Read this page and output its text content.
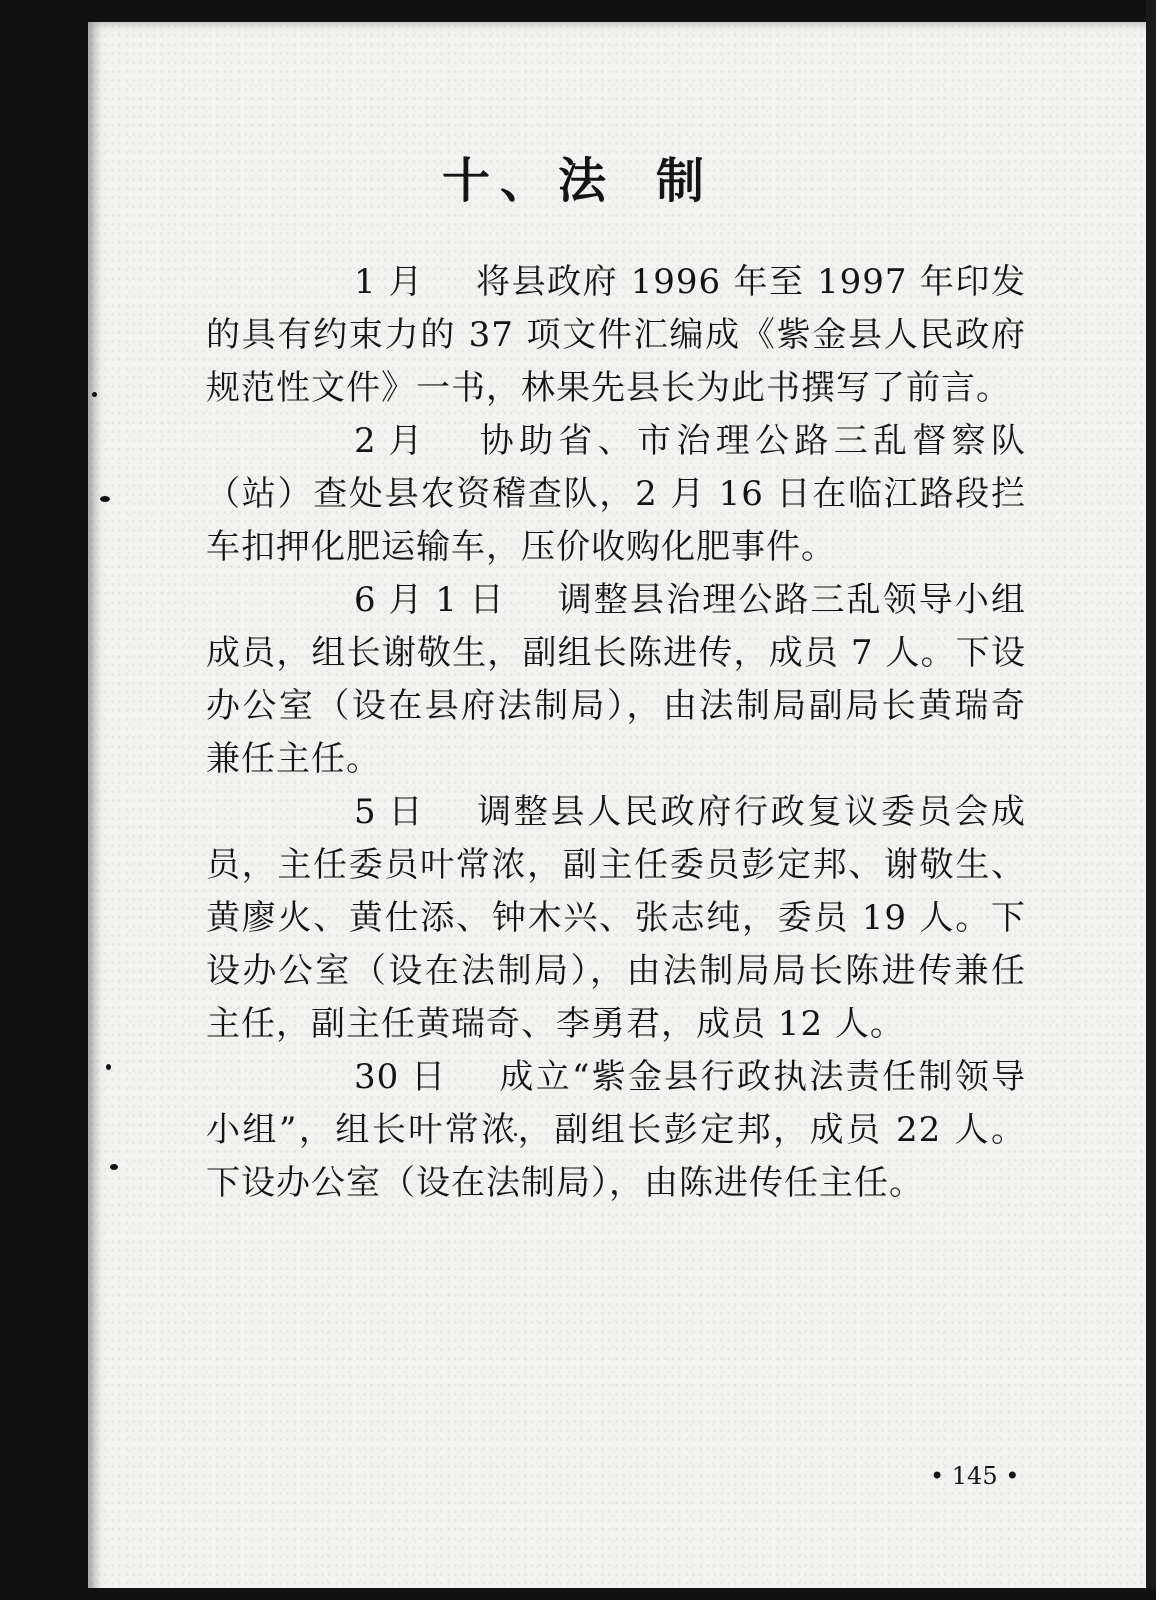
十、法 制

1 月 将县政府 1996 年至 1997 年印发的具有约束力的 37 项文件汇编成《紫金县人民政府规范性文件》一书，林果先县长为此书撰写了前言。

2 月 协助省、市治理公路三乱督察队（站）查处县农资稽查队，2 月 16 日在临江路段拦车扣押化肥运输车，压价收购化肥事件。

6 月 1 日 调整县治理公路三乱领导小组成员，组长谢敬生，副组长陈进传，成员 7 人。下设办公室（设在县府法制局），由法制局副局长黄瑞奇兼任主任。

5 日 调整县人民政府行政复议委员会成员，主任委员叶常浓，副主任委员彭定邦、谢敬生、黄廖火、黄仕添、钟木兴、张志纯，委员 19 人。下设办公室（设在法制局），由法制局局长陈进传兼任主任，副主任黄瑞奇、李勇君，成员 12 人。

30 日 成立“紫金县行政执法责任制领导小组”，组长叶常浓，副组长彭定邦，成员 22 人。下设办公室（设在法制局），由陈进传任主任。

• 145 •
